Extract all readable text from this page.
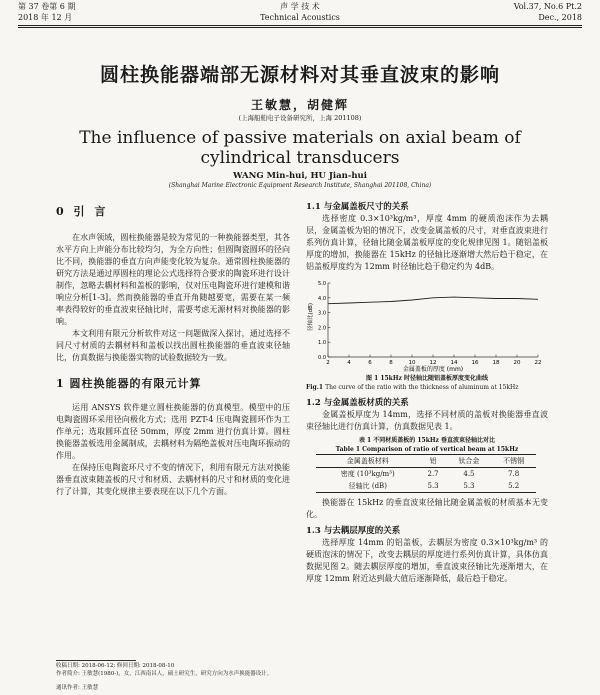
第 37 卷第 6 期	声 学 技 术	Vol.37, No.6 Pt.2
2018 年 12 月	Technical Acoustics	Dec., 2018
圆柱换能器端部无源材料对其垂直波束的影响
王敏慧，胡健辉
(上海船舶电子设备研究所，上海 201108)
The influence of passive materials on axial beam of cylindrical transducers
WANG Min-hui, HU Jian-hui
(Shanghai Marine Electronic Equipment Research Institute, Shanghai 201108, China)
0 引 言

在水声领域，圆柱换能器是较为常见的一种换能器类型，其各水平方向上声能分布比较均匀，为全方向性；但圆陶瓷圆环的径向比不同，换能器的垂直方向声能变化较为复杂。通常圆柱换能器的研究方法是通过厚圆柱的理论公式选择符合要求的陶瓷环进行设计制作，忽略去耦材料和盖板的影响，仅对压电陶瓷环进行建模和谐响应分析[1-3]。然而换能器的垂直开角随越要宽，需要在某一频率表得较好的垂直波束径轴比时，需要考虑无源材料对换能器的影响。

本文利用有限元分析软件对这一问题做深入探讨，通过选择不同尺寸材质的去耦材料和盖板以找出圆柱换能器的垂直波束径轴比，仿真数据与换能器实物的试验数据较为一致。

1 圆柱换能器的有限元计算

运用 ANSYS 软件建立圆柱换能器的仿真模型。模型中的压电陶瓷圆环采用径向极化方式；选用 PZT-4 压电陶瓷圆环作为工作单元；选取圆环直径 50mm，厚度 2mm 进行仿真计算。圆柱换能器盖板选用金属制成，去耦材料为隔绝盖板对压电陶环振动的作用。

在保持压电陶瓷环尺寸不变的情况下，利用有限元方法对换能器垂直波束随盖板的尺寸和材质、去耦材料的尺寸和材质的变化进行了计算，其变化规律主要表现在以下几个方面。

收稿日期: 2018-06-12; 修回日期: 2018-08-10
作者简介: 王敏慧(1980-)，女，江西南昌人，硕士研究生，研究方向为水声换能器设计。
通讯作者: 王敏慧
1.1 与金属盖板尺寸的关系

选择密度 0.3×10³kg/m³，厚度 4mm 的硬质泡沫作为去耦层，金属盖板为铝的情况下，改变金属盖板的尺寸，对垂直波束进行系列仿真计算，径轴比随金属盖板厚度的变化规律见图 1。随铝盖板厚度的增加，换能器在 15kHz 的径轴比逐渐增大然后趋于稳定，在铝盖板厚度约为 12mm 时径轴比趋于稳定约为 4dB。

径轴比(dB)
0.0
1.0
2.0
3.0
4.0
5.0
2	4	6	8	10	12	14	16	18	20	22
金属盖板的厚度 (mm)
图 1 15kHz 时径轴比随铝盖板厚度变化曲线
Fig.1 The curve of the ratio with the thickness of aluminum at 15kHz
1.2 与金属盖板材质的关系

金属盖板厚度为 14mm，选择不同材质的盖板对换能器垂直波束径轴比进行仿真计算，仿真数据见表 1。

表 1 不同材质盖板的 15kHz 垂直波束径轴比对比
Table 1 Comparison of ratio of vertical beam at 15kHz
金属盖板材料	铝	钛合金	不锈钢
密度 (10³kg/m³)	2.7	4.5	7.8
径轴比 (dB)	5.3	5.3	5.2

换能器在 15kHz 的垂直波束径轴比随金属盖板的材质基本无变化。

1.3 与去耦层厚度的关系

选择厚度 14mm 的铝盖板，去耦层为密度 0.3×10³kg/m³ 的硬质泡沫的情况下，改变去耦层的厚度进行系列仿真计算，具体仿真数据见图 2。随去耦层厚度的增加，垂直波束径轴比先逐渐增大，在厚度 12mm 附近达到最大值后逐渐降低，最后趋于稳定。
